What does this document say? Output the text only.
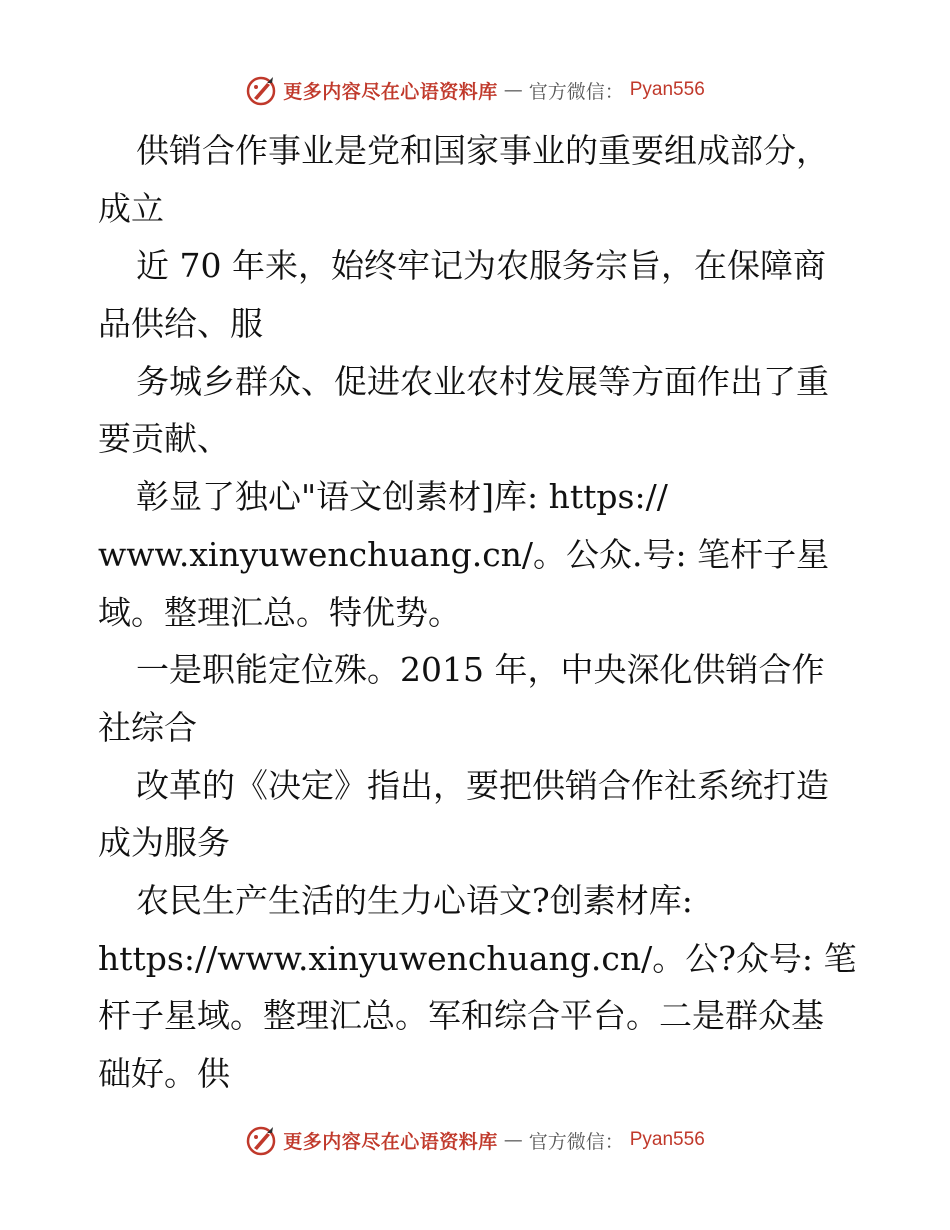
更多内容尽在心语资料库 — 官方微信： Pyan556
供销合作事业是党和国家事业的重要组成部分，
成立
近 70 年来，始终牢记为农服务宗旨，在保障商
品供给、服
务城乡群众、促进农业农村发展等方面作出了重
要贡献、
彰显了独心"语文创素材]库: https://
www.xinyuwenchuang.cn/。公众.号: 笔杆子星
域。整理汇总。特优势。
一是职能定位殊。2015 年，中央深化供销合作
社综合
改革的《决定》指出，要把供销合作社系统打造
成为服务
农民生产生活的生力心语文?创素材库:
https://www.xinyuwenchuang.cn/。公?众号: 笔
杆子星域。整理汇总。军和综合平台。二是群众基
础好。供
更多内容尽在心语资料库 — 官方微信： Pyan556
